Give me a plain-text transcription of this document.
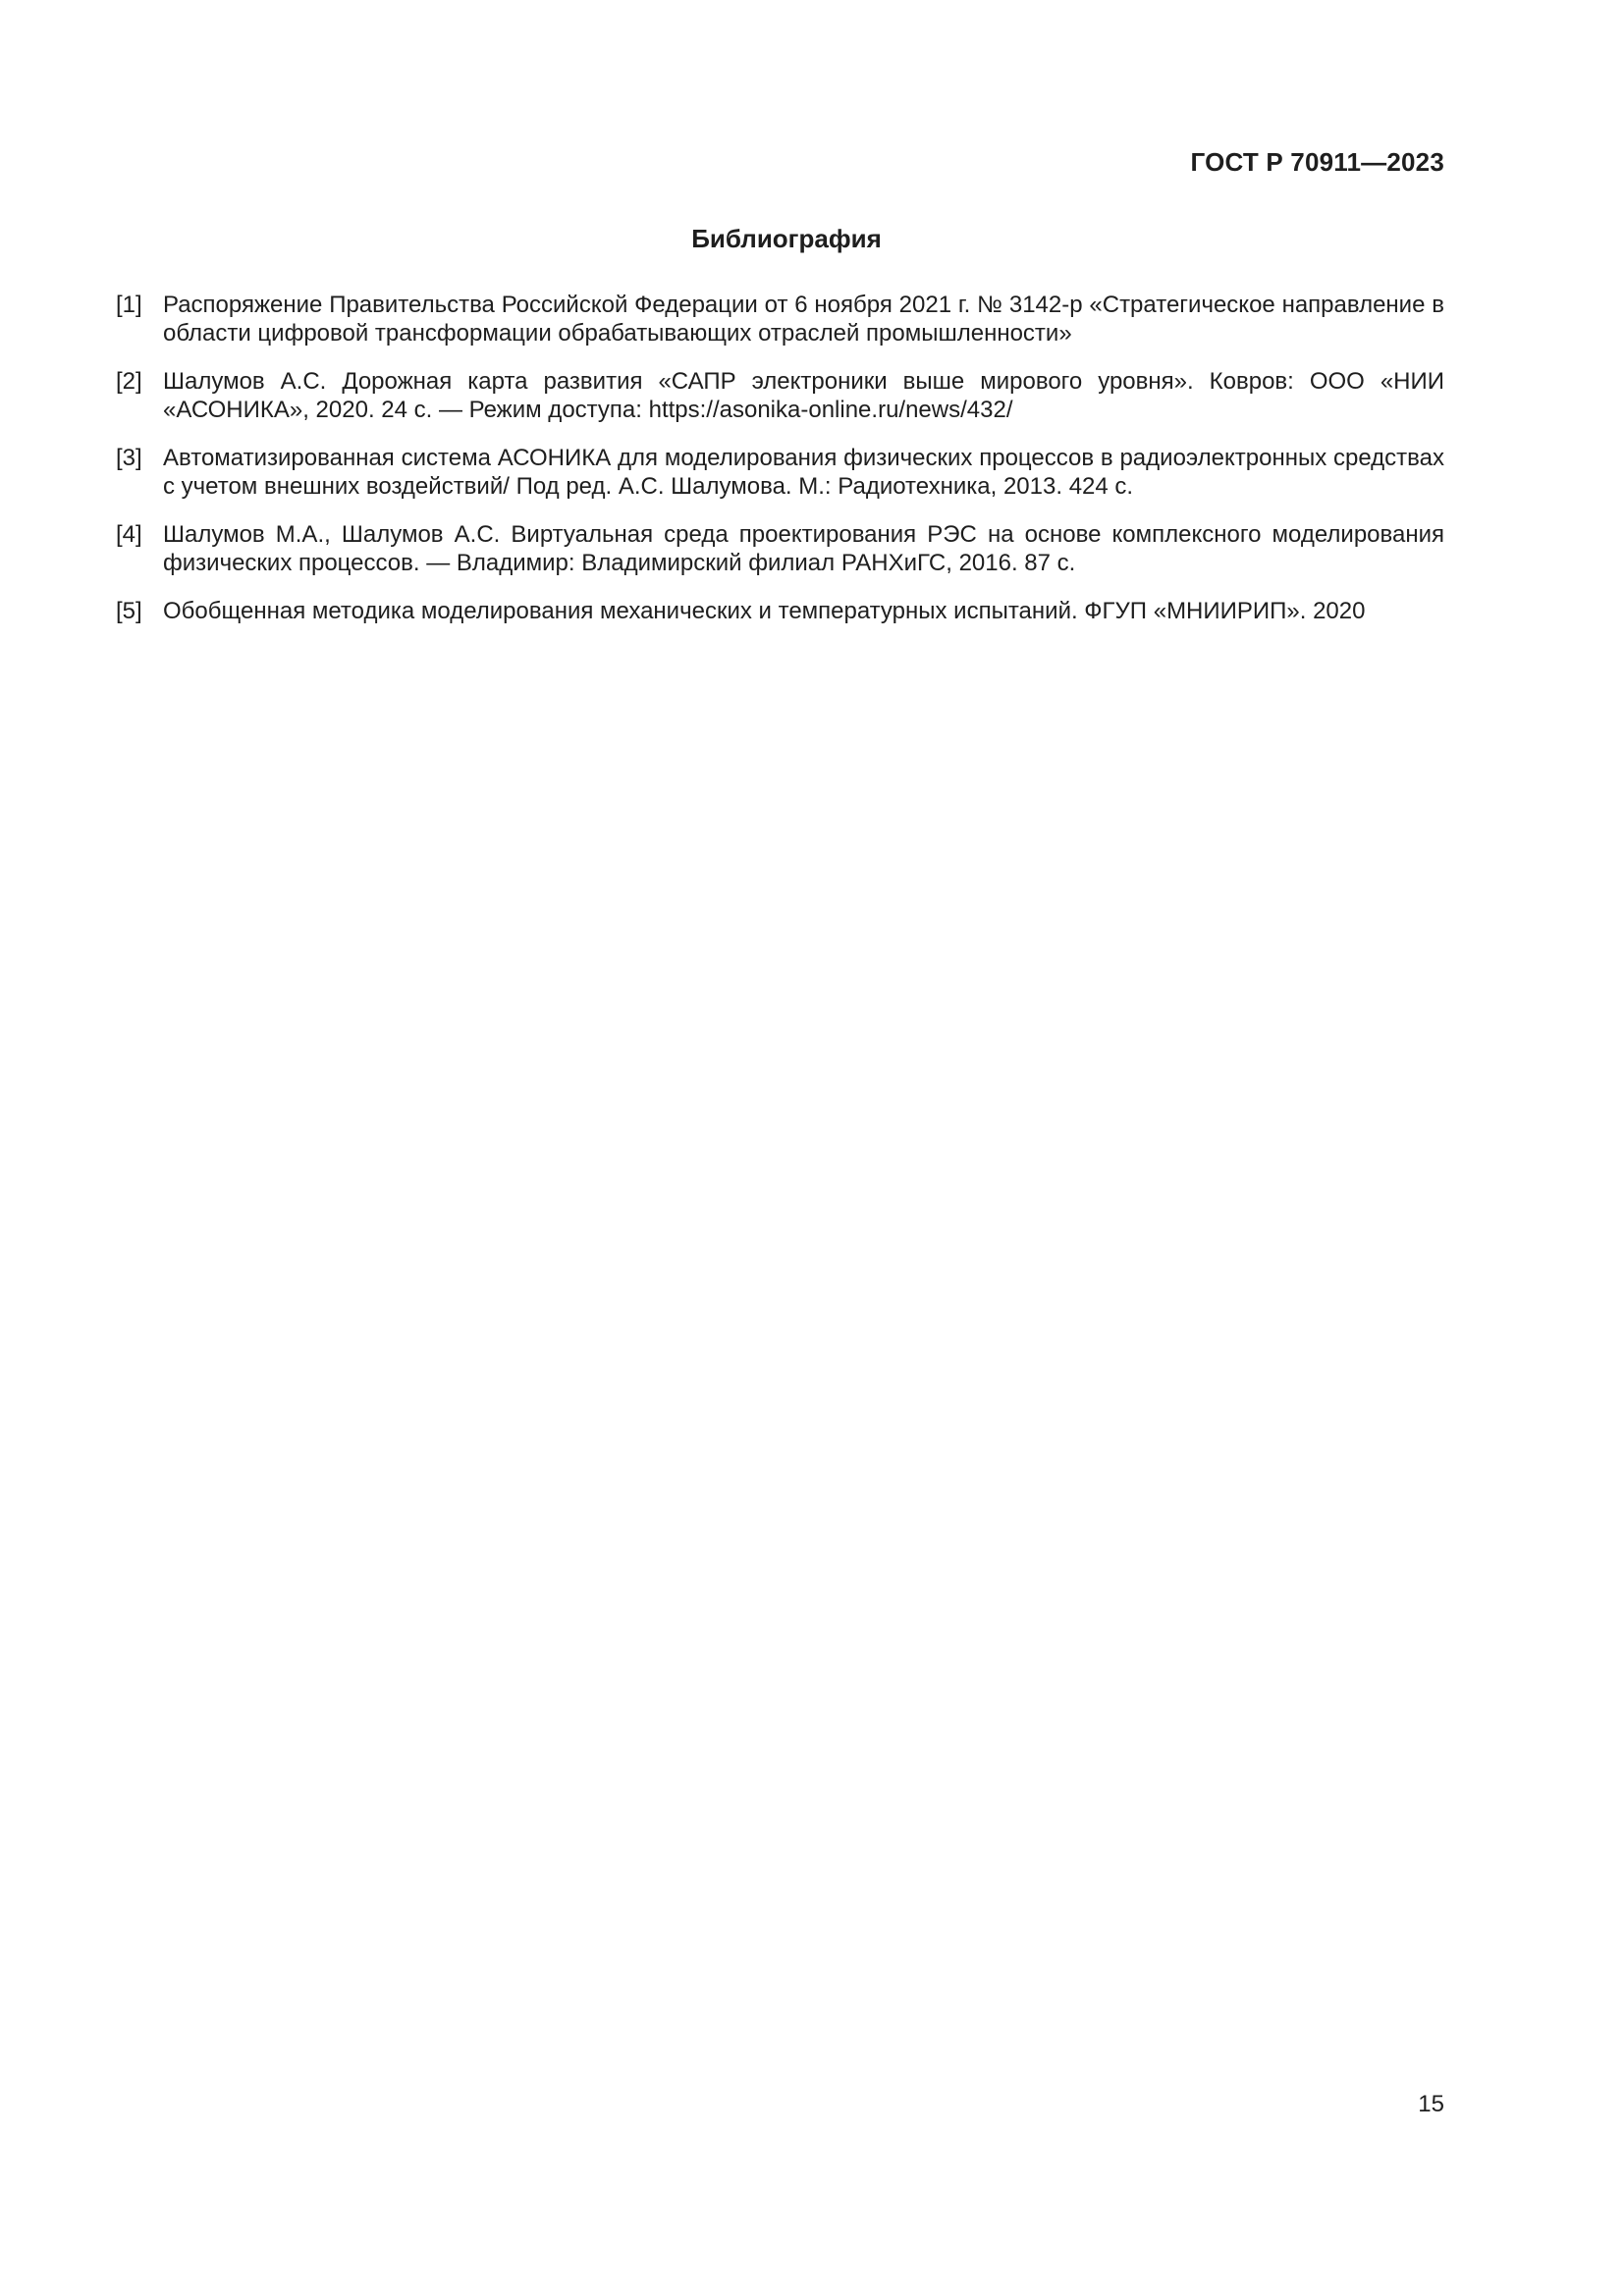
ГОСТ Р 70911—2023
Библиография
[1] Распоряжение Правительства Российской Федерации от 6 ноября 2021 г. № 3142-р «Стратегическое направление в области цифровой трансформации обрабатывающих отраслей промышленности»
[2] Шалумов А.С. Дорожная карта развития «САПР электроники выше мирового уровня». Ковров: ООО «НИИ «АСОНИКА», 2020. 24 с. — Режим доступа: https://asonika-online.ru/news/432/
[3] Автоматизированная система АСОНИКА для моделирования физических процессов в радиоэлектронных средствах с учетом внешних воздействий/ Под ред. А.С. Шалумова. М.: Радиотехника, 2013. 424 с.
[4] Шалумов М.А., Шалумов А.С. Виртуальная среда проектирования РЭС на основе комплексного моделирования физических процессов. — Владимир: Владимирский филиал РАНХиГС, 2016. 87 с.
[5] Обобщенная методика моделирования механических и температурных испытаний. ФГУП «МНИИРИП». 2020
15
